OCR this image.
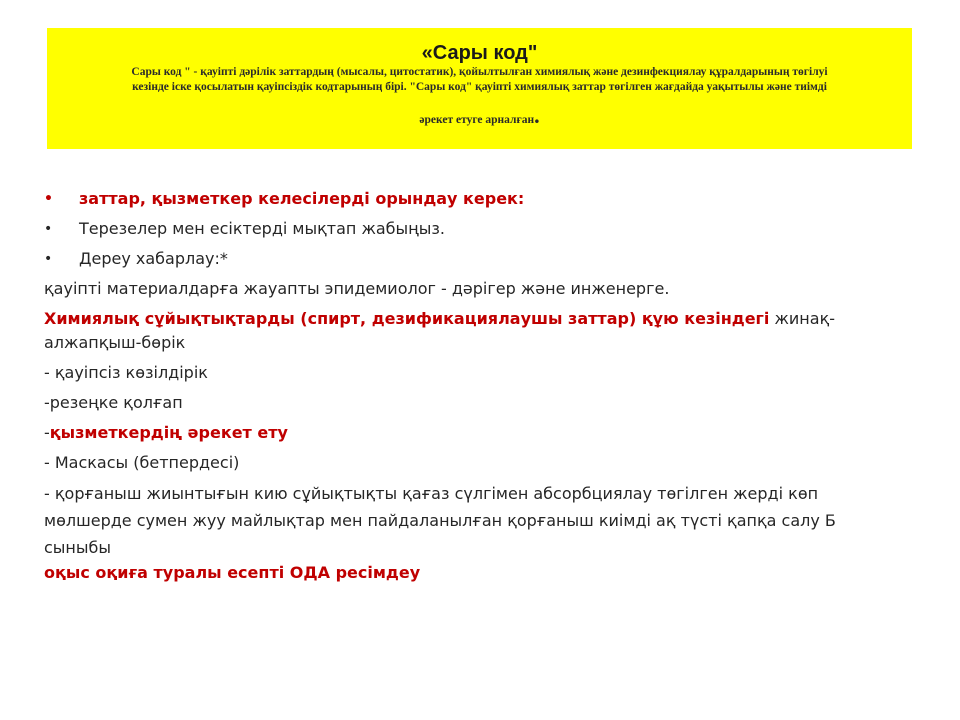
«Сары код"
Сары код " - қауіпті дәрілік заттардың (мысалы, цитостатик), қойылтылған химиялық және дезинфекциялау құралдарының төгілуі
кезінде іске қосылатын қауіпсіздік кодтарының бірі. "Сары код" қауіпті химиялық заттар төгілген жағдайда уақытылы және тиімді
әрекет етуге арналған.
• заттар, қызметкер келесілерді орындау керек:
• Терезелер мен есіктерді мықтап жабыңыз.
• Дереу хабарлау:*
қауіпті материалдарға жауапты эпидемиолог - дәрігер және инженерге.
Химиялық сұйықтықтарды (спирт, дезификациялаушы заттар) құю кезіндегі жинақ-
алжапқыш-бөрік
- қауіпсіз көзілдірік
-резеңке қолғап
-қызметкердің әрекет ету
- Маскасы (бетпердесі)
- қорғаныш жиынтығын кию сұйықтықты қағаз сүлгімен абсорбциялау төгілген жерді көп мөлшерде сумен жуу майлықтар мен пайдаланылған қорғаныш киімді ақ түсті қапқа салу Б сыныбы
оқыс оқиға туралы есепті ОДА ресімдеу
